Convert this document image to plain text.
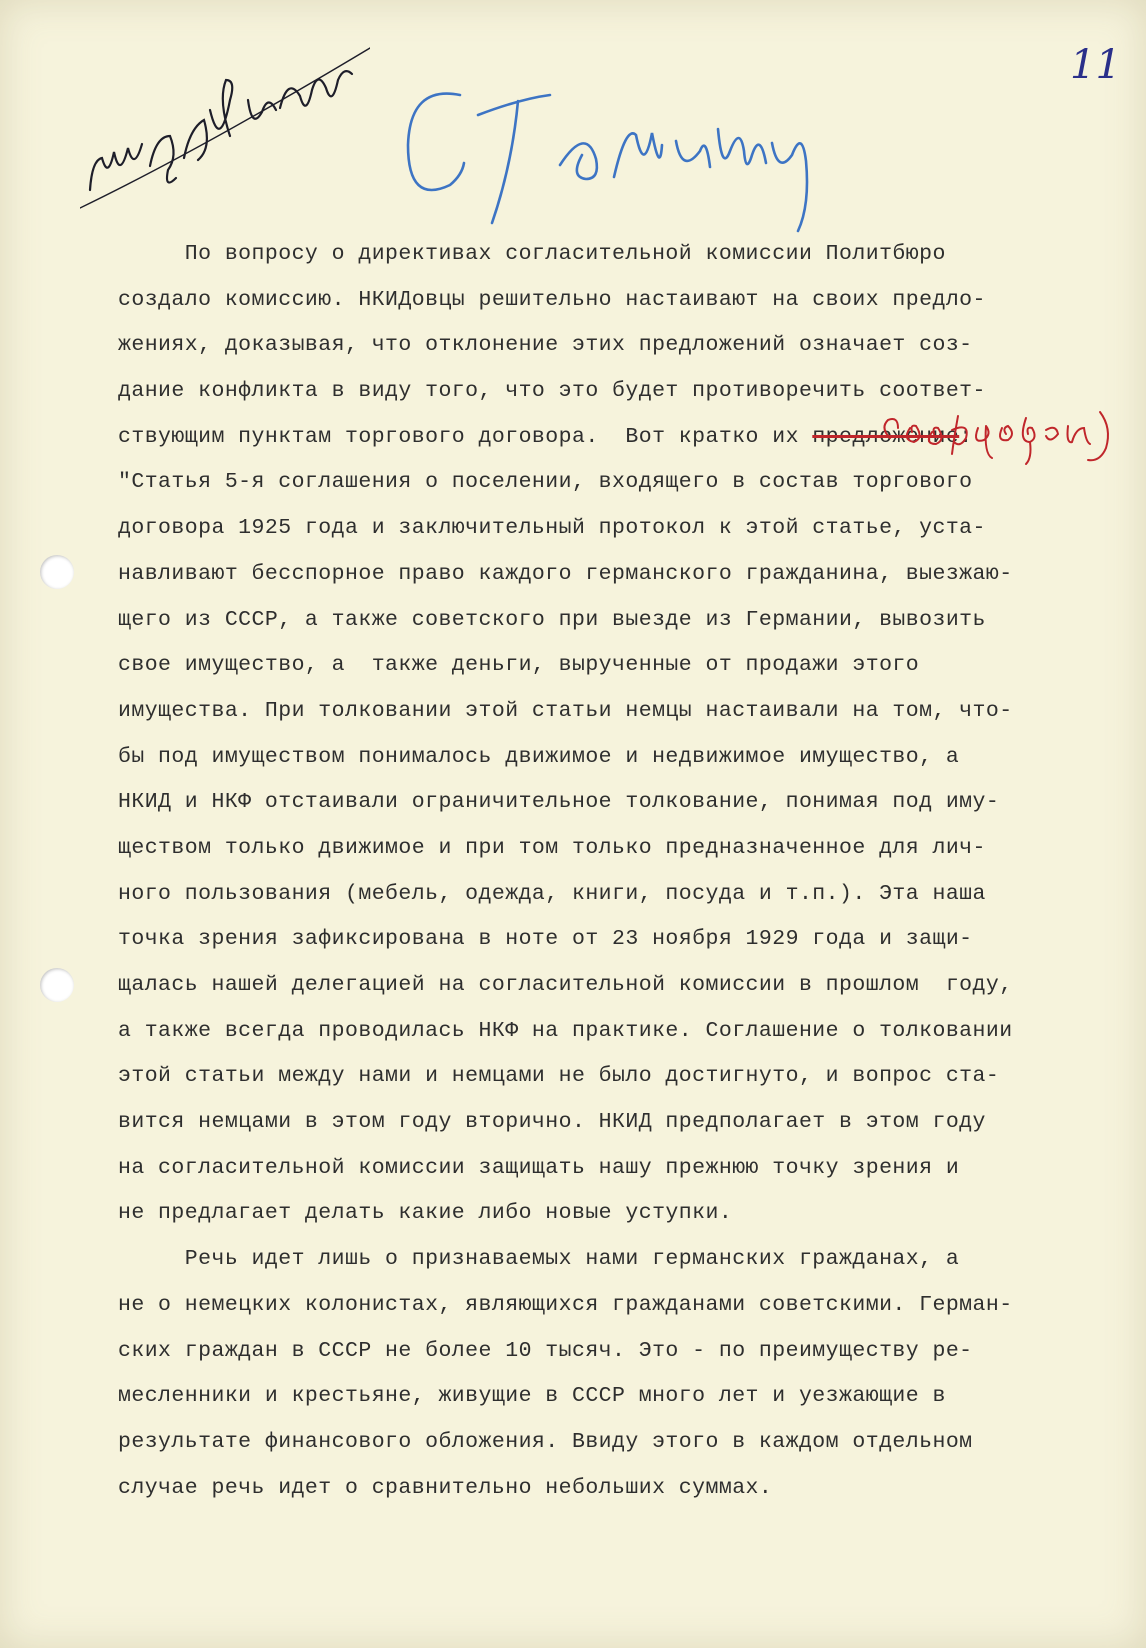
11
По вопросу о директивах согласительной комиссии Политбюро
создало комиссию. НКИДовцы решительно настаивают на своих предло-
жениях, доказывая, что отклонение этих предложений означает соз-
дание конфликта в виду того, что это будет противоречить соответ-
ствующим пунктам торгового договора.  Вот кратко их предложение:
"Статья 5-я соглашения о поселении, входящего в состав торгового
договора 1925 года и заключительный протокол к этой статье, уста-
навливают бесспорное право каждого германского гражданина, выезжаю-
щего из СССР, а также советского при выезде из Германии, вывозить
свое имущество, а  также деньги, вырученные от продажи этого
имущества. При толковании этой статьи немцы настаивали на том, что-
бы под имуществом понималось движимое и недвижимое имущество, а
НКИД и НКФ отстаивали ограничительное толкование, понимая под иму-
ществом только движимое и при том только предназначенное для лич-
ного пользования (мебель, одежда, книги, посуда и т.п.). Эта наша
точка зрения зафиксирована в ноте от 23 ноября 1929 года и защи-
щалась нашей делегацией на согласительной комиссии в прошлом  году,
а также всегда проводилась НКФ на практике. Соглашение о толковании
этой статьи между нами и немцами не было достигнуто, и вопрос ста-
вится немцами в этом году вторично. НКИД предполагает в этом году
на согласительной комиссии защищать нашу прежнюю точку зрения и
не предлагает делать какие либо новые уступки.
Речь идет лишь о признаваемых нами германских гражданах, а
не о немецких колонистах, являющихся гражданами советскими. Герман-
ских граждан в СССР не более 10 тысяч. Это - по преимуществу ре-
месленники и крестьяне, живущие в СССР много лет и уезжающие в
результате финансового обложения. Ввиду этого в каждом отдельном
случае речь идет о сравнительно небольших суммах.
